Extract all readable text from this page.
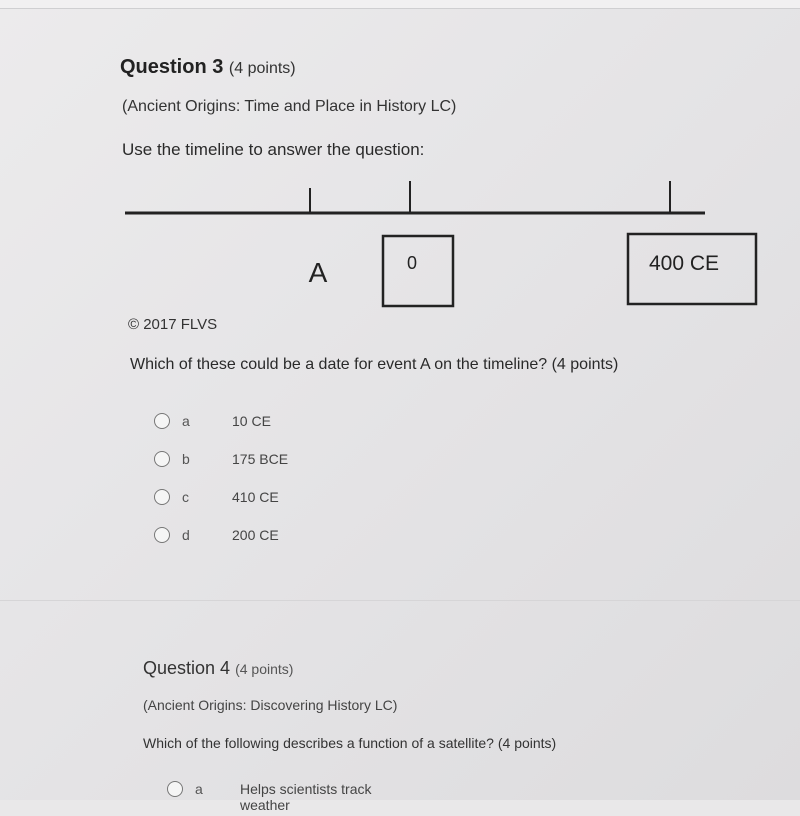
Question 3 (4 points)
(Ancient Origins: Time and Place in History LC)
Use the timeline to answer the question:
A	0	400 CE
© 2017 FLVS
Which of these could be a date for event A on the timeline? (4 points)
a	10 CE
b	175 BCE
c	410 CE
d	200 CE
Question 4 (4 points)
(Ancient Origins: Discovering History LC)
Which of the following describes a function of a satellite? (4 points)
a	Helps scientists track weather
